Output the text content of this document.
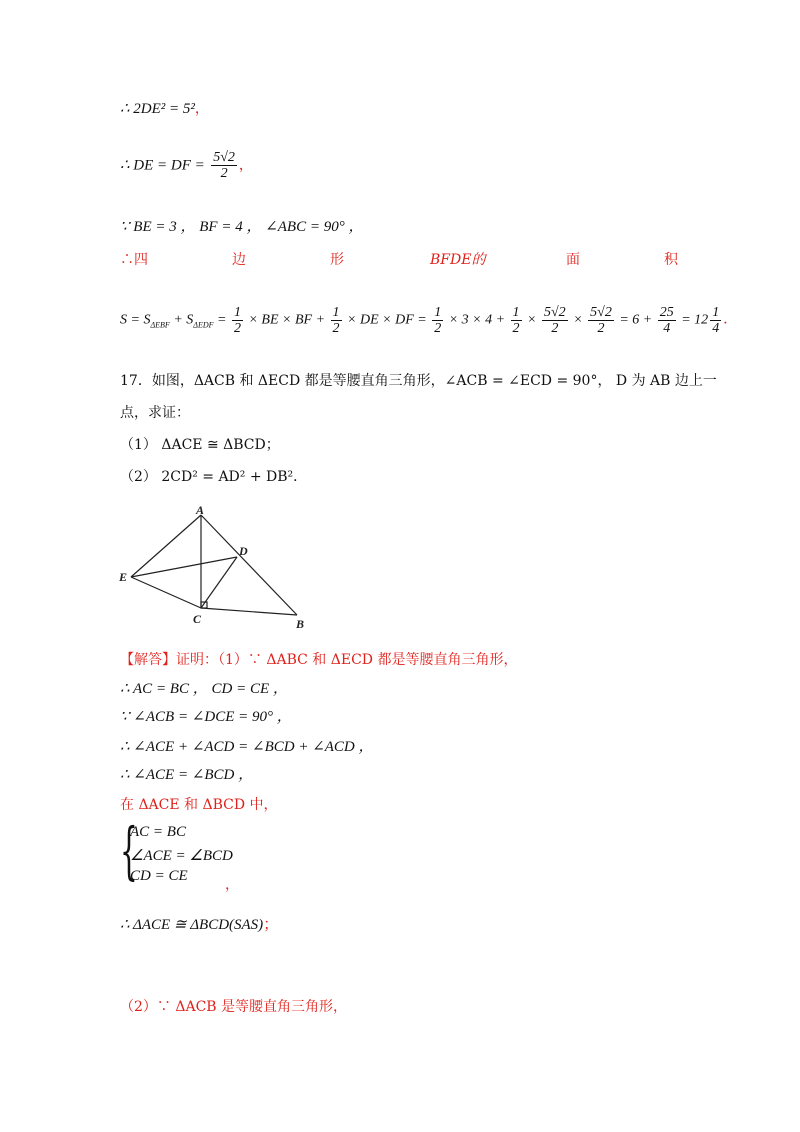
∴ 2DE² = 5²，
∴ DE = DF = $\frac{5√2}{2}$ ，
∵ BE = 3 ， BF = 4 ， ∠ABC = 90° ，
∴四	边	形	BFDE的	面	积
$S = S_{\Delta EBF} + S_{\Delta EDF} = \frac{1}{2}$ × BE × BF + $\frac{1}{2}$ × DE × DF = $\frac{1}{2} \times 3 \times 4 + \frac{1}{2} \times \frac{5√2}{2} \times \frac{5√2}{2} = 6 + \frac{25}{4} = 12 \frac{1}{4}$ ．
17．如图，ΔACB 和 ΔECD 都是等腰直角三角形，∠ACB = ∠ECD = 90°， D 为 AB 边上一
点，求证：
（1） ΔACE ≅ ΔBCD；
（2） 2CD² = AD² + DB²．
A
D
E
C	B
【解答】证明：（1）∵ ΔABC 和 ΔECD 都是等腰直角三角形，
∴ AC = BC ， CD = CE ，
∵ ∠ACB = ∠DCE = 90° ，
∴ ∠ACE + ∠ACD = ∠BCD + ∠ACD ，
∴ ∠ACE = ∠BCD ，
在 ΔACE 和 ΔBCD 中，
{
AC = BC
∠ACE = ∠BCD
CD = CE
，
∴ ΔACE ≅ ΔBCD(SAS)；
（2）∵ ΔACB 是等腰直角三角形，
